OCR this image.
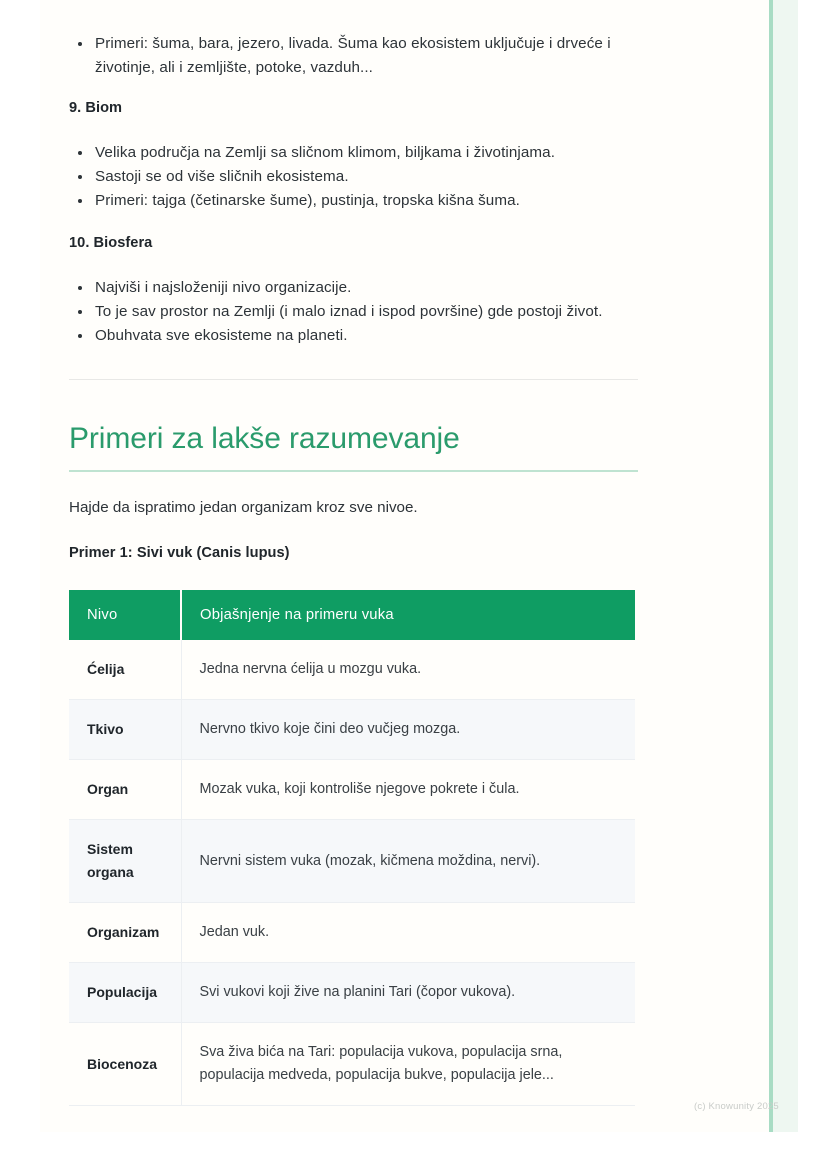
Primeri: šuma, bara, jezero, livada. Šuma kao ekosistem uključuje i drveće i životinje, ali i zemljište, potoke, vazduh...
9. Biom
Velika područja na Zemlji sa sličnom klimom, biljkama i životinjama.
Sastoji se od više sličnih ekosistema.
Primeri: tajga (četinarske šume), pustinja, tropska kišna šuma.
10. Biosfera
Najviši i najsloženiji nivo organizacije.
To je sav prostor na Zemlji (i malo iznad i ispod površine) gde postoji život.
Obuhvata sve ekosisteme na planeti.
Primeri za lakše razumevanje

Hajde da ispratimo jedan organizam kroz sve nivoe.

Primer 1: Sivi vuk (Canis lupus)
Nivo	Objašnjenje na primeru vuka
Ćelija	Jedna nervna ćelija u mozgu vuka.
Tkivo	Nervno tkivo koje čini deo vučjeg mozga.
Organ	Mozak vuka, koji kontroliše njegove pokrete i čula.
Sistem organa	Nervni sistem vuka (mozak, kičmena moždina, nervi).
Organizam	Jedan vuk.
Populacija	Svi vukovi koji žive na planini Tari (čopor vukova).
Biocenoza	Sva živa bića na Tari: populacija vukova, populacija srna, populacija medveda, populacija bukve, populacija jele...
(c) Knowunity 2025
